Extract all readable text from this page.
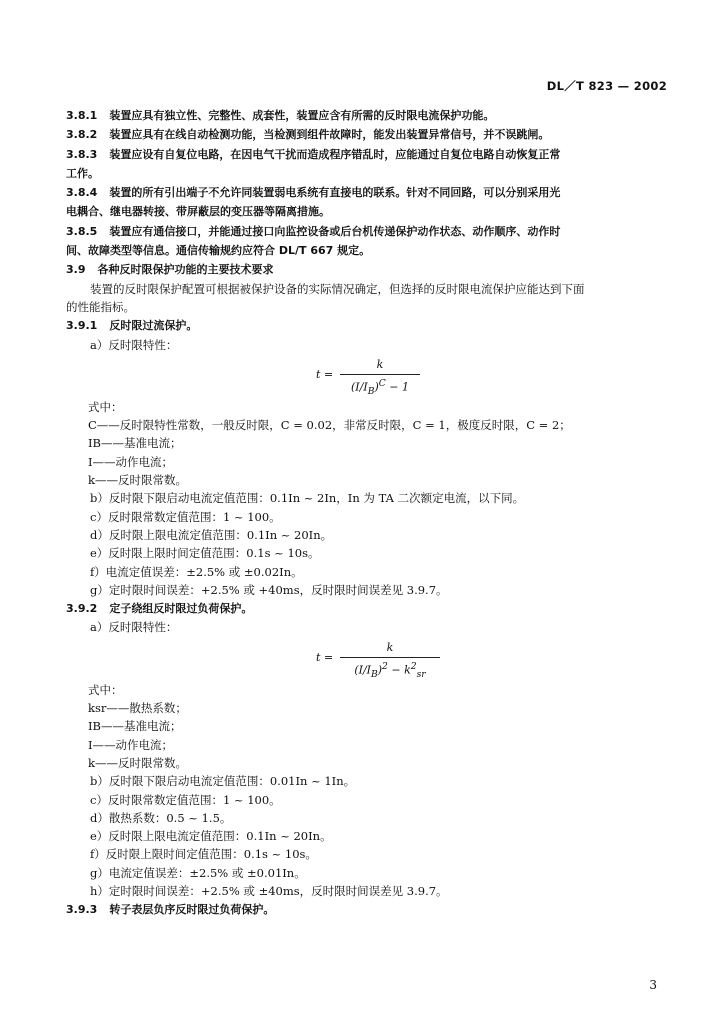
DL／T 823 — 2002

3.8.1 装置应具有独立性、完整性、成套性，装置应含有所需的反时限电流保护功能。

3.8.2 装置应具有在线自动检测功能，当检测到组件故障时，能发出装置异常信号，并不误跳闸。

3.8.3 装置应设有自复位电路，在因电气干扰而造成程序错乱时，应能通过自复位电路自动恢复正常

工作。

3.8.4 装置的所有引出端子不允许同装置弱电系统有直接电的联系。针对不同回路，可以分别采用光

电耦合、继电器转接、带屏蔽层的变压器等隔离措施。

3.8.5 装置应有通信接口，并能通过接口向监控设备或后台机传递保护动作状态、动作顺序、动作时

间、故障类型等信息。通信传输规约应符合 DL/T 667 规定。

3.9 各种反时限保护功能的主要技术要求

装置的反时限保护配置可根据被保护设备的实际情况确定，但选择的反时限电流保护应能达到下面

的性能指标。

3.9.1 反时限过流保护。

a）反时限特性：

$t = \frac{k}{(I/I_B)^C - 1}$

式中：

C——反时限特性常数，一般反时限，C = 0.02，非常反时限，C = 1，极度反时限，C = 2；

IB——基准电流；

I——动作电流；

k——反时限常数。

b）反时限下限启动电流定值范围：0.1In ~ 2In，In 为 TA 二次额定电流，以下同。

c）反时限常数定值范围：1 ~ 100。

d）反时限上限电流定值范围：0.1In ~ 20In。

e）反时限上限时间定值范围：0.1s ~ 10s。

f）电流定值误差：±2.5% 或 ±0.02In。

g）定时限时间误差：+2.5% 或 +40ms，反时限时间误差见 3.9.7。

3.9.2 定子绕组反时限过负荷保护。

a）反时限特性：

$t = \frac{k}{(I/I_B)^2 - k^2_{sr}}$

式中：

ksr——散热系数；

IB——基准电流；

I——动作电流；

k——反时限常数。

b）反时限下限启动电流定值范围：0.01In ~ 1In。

c）反时限常数定值范围：1 ~ 100。

d）散热系数：0.5 ~ 1.5。

e）反时限上限电流定值范围：0.1In ~ 20In。

f）反时限上限时间定值范围：0.1s ~ 10s。

g）电流定值误差：±2.5% 或 ±0.01In。

h）定时限时间误差：+2.5% 或 ±40ms，反时限时间误差见 3.9.7。

3.9.3 转子表层负序反时限过负荷保护。

3
